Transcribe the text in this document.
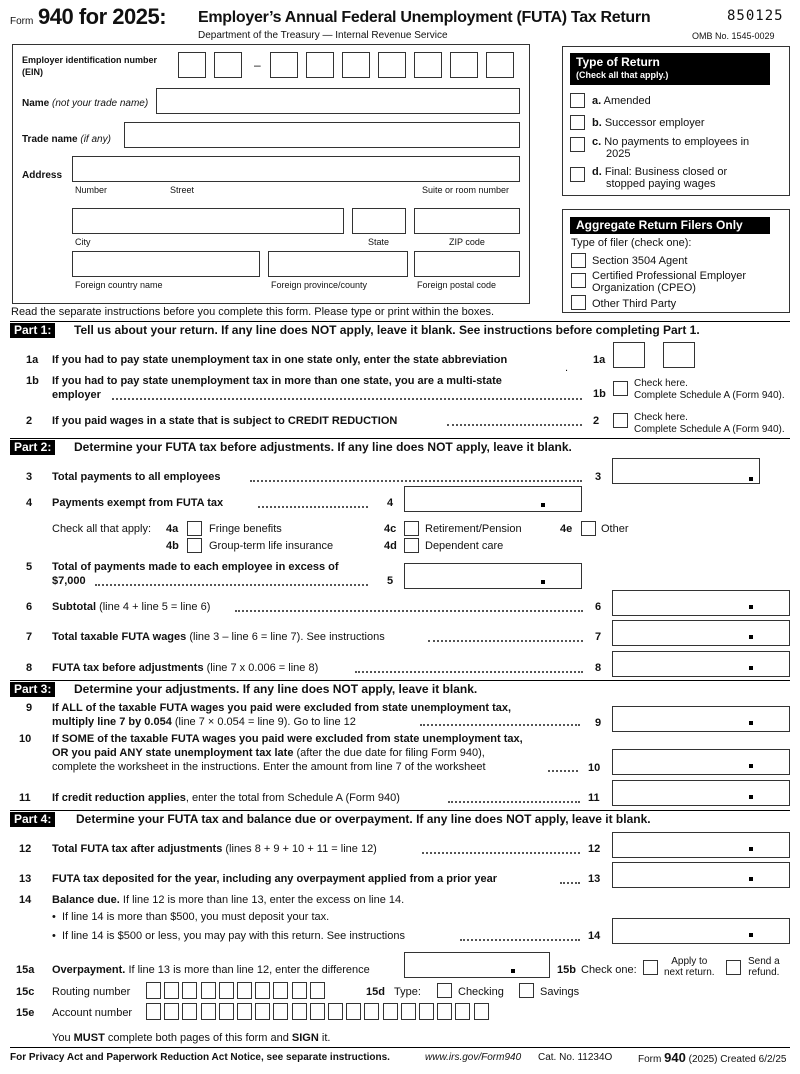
Form 940 for 2025: Employer’s Annual Federal Unemployment (FUTA) Tax Return
Department of the Treasury — Internal Revenue Service
850125
OMB No. 1545-0029
Employer identification number
(EIN)	–
Name (not your trade name)
Trade name (if any)
Address
Number	Street	Suite or room number
City	State	ZIP code
Foreign country name	Foreign province/county	Foreign postal code
Read the separate instructions before you complete this form. Please type or print within the boxes.
Type of Return
(Check all that apply.)
a. Amended
b. Successor employer
c. No payments to employees in
2025
d. Final: Business closed or
stopped paying wages
Aggregate Return Filers Only
Type of filer (check one):
Section 3504 Agent
Certified Professional Employer
Organization (CPEO)
Other Third Party
Part 1:	Tell us about your return. If any line does NOT apply, leave it blank. See instructions before completing Part 1.
1a If you had to pay state unemployment tax in one state only, enter the state abbreviation
.
1a
1b If you had to pay state unemployment tax in more than one state, you are a multi-state
employer	1b
Check here.
Complete Schedule A (Form 940).
2 If you paid wages in a state that is subject to CREDIT REDUCTION	2	Check here.
Complete Schedule A (Form 940).
Part 2:	Determine your FUTA tax before adjustments. If any line does NOT apply, leave it blank.
3 Total payments to all employees	3
4 Payments exempt from FUTA tax	4
Check all that apply: 4a	Fringe benefits
4b	Group-term life insurance
4c	Retirement/Pension
4d	Dependent care
4e	Other
5 Total of payments made to each employee in excess of
$7,000	5
6 Subtotal (line 4 + line 5 = line 6)	6
7 Total taxable FUTA wages (line 3 – line 6 = line 7). See instructions	7
8 FUTA tax before adjustments (line 7 x 0.006 = line 8)	8
Part 3:	Determine your adjustments. If any line does NOT apply, leave it blank.
9 If ALL of the taxable FUTA wages you paid were excluded from state unemployment tax,
multiply line 7 by 0.054 (line 7 × 0.054 = line 9). Go to line 12	9
10 If SOME of the taxable FUTA wages you paid were excluded from state unemployment tax,
OR you paid ANY state unemployment tax late (after the due date for filing Form 940),
complete the worksheet in the instructions. Enter the amount from line 7 of the worksheet	10
11 If credit reduction applies, enter the total from Schedule A (Form 940)	11
Part 4:	Determine your FUTA tax and balance due or overpayment. If any line does NOT apply, leave it blank.
12 Total FUTA tax after adjustments (lines 8 + 9 + 10 + 11 = line 12)	12
13 FUTA tax deposited for the year, including any overpayment applied from a prior year	13
14 Balance due. If line 12 is more than line 13, enter the excess on line 14.
•  If line 14 is more than $500, you must deposit your tax.
•  If line 14 is $500 or less, you may pay with this return. See instructions	14
15a Overpayment. If line 13 is more than line 12, enter the difference	15b Check one:
Apply to
next return.
Send a
refund.
15c Routing number	15d Type:	Checking	Savings
15e Account number
You MUST complete both pages of this form and SIGN it.
For Privacy Act and Paperwork Reduction Act Notice, see separate instructions.	www.irs.gov/Form940 Cat. No. 11234O	Form 940 (2025) Created 6/2/25
